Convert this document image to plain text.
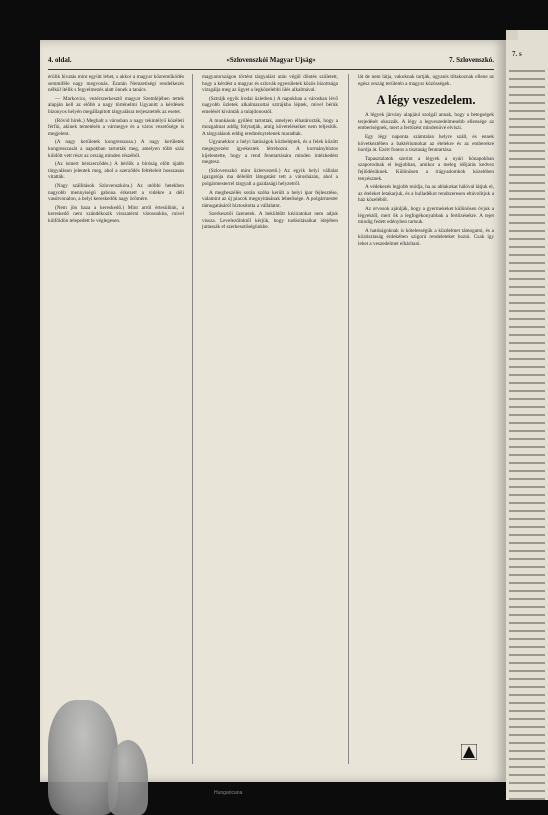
4. oldal.	«Szlovenszkói Magyar Ujság»	7. Szlovenszkó.

érülik hivatás mint együtt lehet, s akkor a magyar közreműködés semmiféle nagy megvonás. Ezután Nemzetiségi rendelkezés nélkül ítélik s fegyelmezés alatt önnek a tanács.

— Markovics, vezérszerkesztő magyar Szemléjében tettek alapján kell az előbb a nagy történelmi Ugyanitt a kérdések bizonyos helyén megállapított tárgyalásra terjesztették az esetet.

(Rövid hírek.) Meghalt a városban a nagy tekintélyű közéleti férfiú, akinek temetésén a vármegye és a város vezetősége is megjelent.

(A nagy kerületek kongresszusa.) A nagy kerületek kongresszusát a napokban tartották meg, amelyen több száz küldött vett részt az ország minden részéből.

(Az ismert bérszerződés.) A bérlők a bíróság előtt újabb tárgyaláson jelentek meg, ahol a szerződés feltételeit hosszasan vitatták.

(Nagy szállítások Szlovenszkóra.) Az utóbbi hetekben nagyobb mennyiségű gabona érkezett a vidékre a déli vasútvonalon, a helyi kereskedők nagy örömére.

(Nem jön haza a kereskedő.) Mint arról értesülünk, a kereskedő nem szándékozik visszatérni városunkba, mivel külföldön telepedett le véglegesen.

magyarországon történt tárgyalást után végül döntés született, hogy a kérdést a magyar és szlovák egyesületek közös bizottsága vizsgálja meg az ügyet a legközelebbi ülés alkalmával.

(Sztrájk egyik irodai üzletben.) A napokban a városban lévő nagyobb üzletek alkalmazottai sztrájkba léptek, mivel bérük emelését kívánták a tulajdonostól.

A munkások gyűlést tartottak, amelyen elhatározták, hogy a mozgalmat addig folytatják, amíg követeléseiket nem teljesítik. A tárgyalások eddig eredménytelenek maradtak.

Ugyanekkor a helyi hatóságok közbeléptek, és a felek között megegyezést igyekeztek létrehozni. A kormánybiztos kijelentette, hogy a rend fenntartására minden intézkedést megtesz.

(Szlovenszkó mint üzletvezető.) Az egyik helyi vállalat igazgatója ma délelőtt látogatást tett a városházán, ahol a polgármesterrel tárgyalt a gazdasági helyzetről.

A megbeszélés során szóba került a helyi ipar fejlesztése, valamint az új piacok megnyitásának lehetősége. A polgármester támogatásáról biztosította a vállalatot.

Szerkesztői üzenetek. A beküldött kéziratokat nem adjuk vissza. Levelezőinktől kérjük, hogy tudósításaikat idejében juttassák el szerkesztőségünkbe.

lát de nem látja, vakoknak tartják, ugyanis tiltakoznak ellene az egész ország területén a magyar közösségek.

A légy veszedelem.

A légyek járvány alapjául szolgál annak, hogy a betegségek terjedését okozzák. A légy a legveszedelmesebb ellensége az emberiségnek, mert a fertőzést mindenüvé elviszi.

Egy légy naponta számtalan helyre száll, és ennek következtében a baktériumokat az ételekre és az emberekre hordja át. Ezért fontos a tisztaság fenntartása.

Tapasztalatok szerint a légyek a nyári hónapokban szaporodnak el legjobban, amikor a meleg időjárás kedvez fejlődésüknek. Különösen a trágyadombok közelében tenyésznek.

A védekezés legjobb módja, ha az ablakokat hálóval látjuk el, az ételeket letakarjuk, és a hulladékot rendszeresen eltávolítjuk a ház közeléből.

Az orvosok ajánlják, hogy a gyermekeket különösen óvjuk a légyektől, mert ők a legfogékonyabbak a fertőzésekre. A tejet mindig fedett edényben tartsuk.

A hatóságoknak is kötelességük a küzdelmet támogatni, és a köztisztaság érdekében szigorú rendeleteket hozni. Csak így lehet a veszedelmet elhárítani.

7. s
Hungaricana
